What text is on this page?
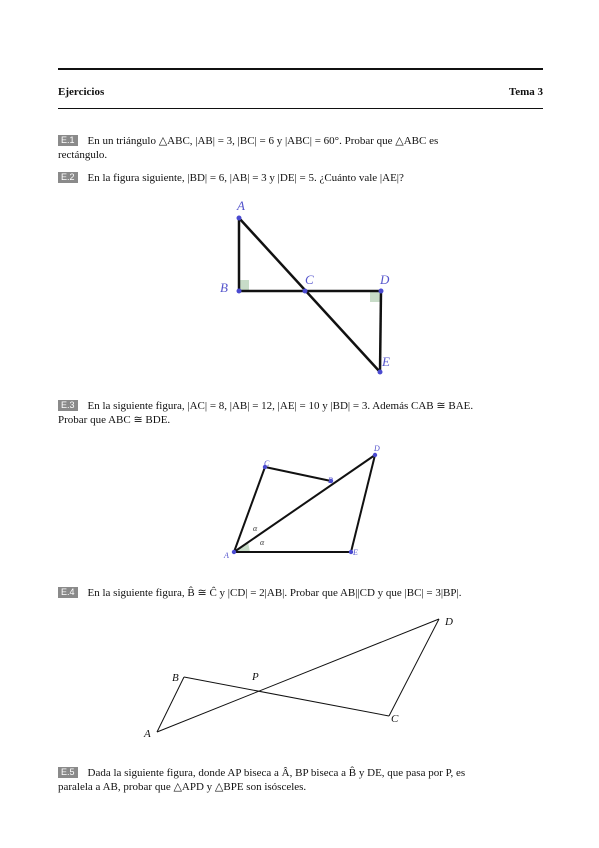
Ejercicios	Tema 3
E.1 En un triángulo △ABC, |AB| = 3, |BC| = 6 y |ABC| = 60°. Probar que △ABC es
rectángulo.
E.2 En la figura siguiente, |BD| = 6, |AB| = 3 y |DE| = 5. ¿Cuánto vale |AE|?
A
B
C	D
E
E.3 En la siguiente figura, |AC| = 8, |AB| = 12, |AE| = 10 y |BD| = 3. Además CAB ≅ BAE.
Probar que ABC ≅ BDE.
A
B
C
D
E
α
α
E.4 En la siguiente figura, B̂ ≅ Ĉ y |CD| = 2|AB|. Probar que AB||CD y que |BC| = 3|BP|.
A
B
C
D
P
E.5 Dada la siguiente figura, donde AP biseca a Â, BP biseca a B̂ y DE, que pasa por P, es
paralela a AB, probar que △APD y △BPE son isósceles.
